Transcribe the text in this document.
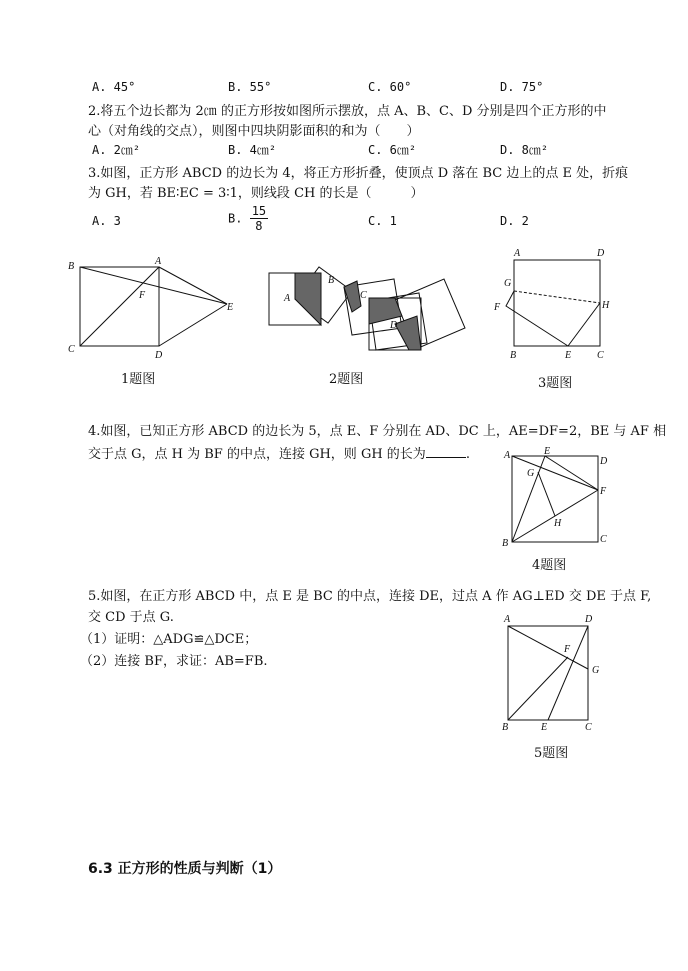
A. 45°	B. 55°	C. 60°	D. 75°
2.将五个边长都为 2㎝ 的正方形按如图所示摆放，点 A、B、C、D 分别是四个正方形的中
心（对角线的交点），则图中四块阴影面积的和为（　　）
A. 2㎝²	B. 4㎝²	C. 6㎝²	D. 8㎝²
3.如图，正方形 ABCD 的边长为 4，将正方形折叠，使顶点 D 落在 BC 边上的点 E 处，折痕
为 GH，若 BE∶EC = 3∶1，则线段 CH 的长是（　　　）
A. 3	B. $\frac{15}{8}$	C. 1	D. 2
B	A
F
E
C
D
1题图
A
B
C
D
2题图
A	D
G
F	H
B	E	C
3题图
4.如图，已知正方形 ABCD 的边长为 5，点 E、F 分别在 AD、DC 上，AE=DF=2，BE 与 AF 相
交于点 G，点 H 为 BF 的中点，连接 GH，则 GH 的长为	.	A	E
D
G
F
H
B	C
4题图
5.如图，在正方形 ABCD 中，点 E 是 BC 的中点，连接 DE，过点 A 作 AG⊥ED 交 DE 于点 F,
交 CD 于点 G.
（1）证明：△ADG≌△DCE；
（2）连接 BF，求证：AB=FB.
A	D
F
G
B	E	C
5题图
6.3 正方形的性质与判断（1）
